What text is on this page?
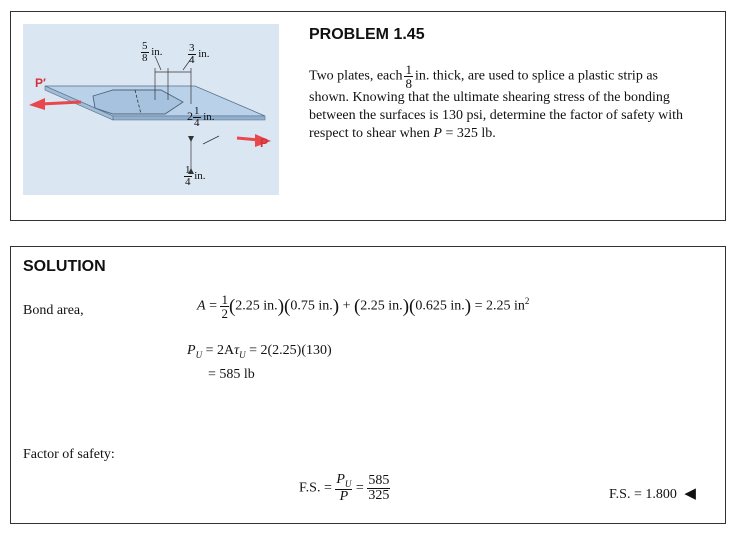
P′
P
$\frac{5}{8}$ in. $\frac{3}{4}$ in.
$2 \frac{1}{4}$ in.
$\frac{1}{4}$ in.
PROBLEM 1.45
Two plates, each $\frac{1}{8}$ in. thick, are used to splice a plastic strip as
shown. Knowing that the ultimate shearing stress of the bonding
between the surfaces is 130 psi, determine the factor of safety with
respect to shear when P = 325 lb.
SOLUTION
Bond area,	$A = \frac{1}{2} (2.25$ in.)(0.75 in.) + (2.25 in.)(0.625 in.) = 2.25 $in^2$
$P_U = 2A\tau_U = 2(2.25)(130)$
= 585 lb
Factor of safety:
F.S. = $\frac{P_U}{P} = \frac{585}{325}$	F.S. = 1.800 ◀
